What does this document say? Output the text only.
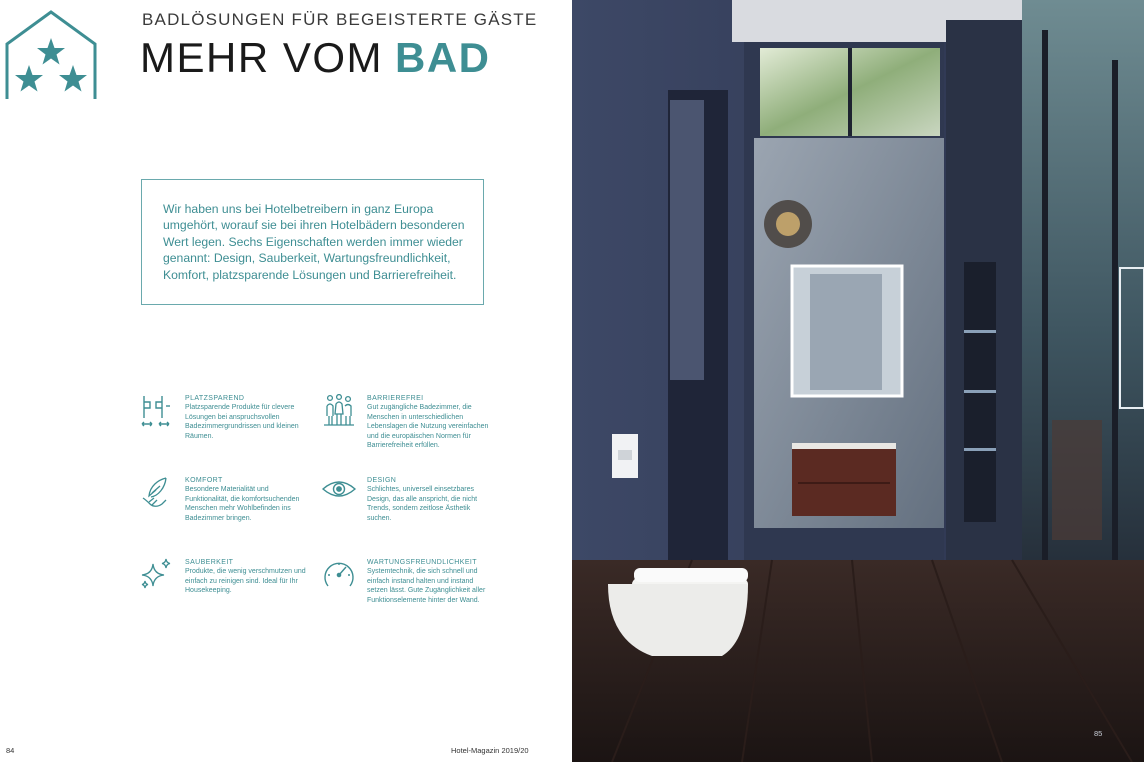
BADLÖSUNGEN FÜR BEGEISTERTE GÄSTE
MEHR VOM BAD

Wir haben uns bei Hotelbetreibern in ganz Europa umgehört, worauf sie bei ihren Hotelbädern besonderen Wert legen. Sechs Eigenschaften werden immer wieder genannt: Design, Sauberkeit, Wartungsfreundlichkeit, Komfort, platzsparende Lösungen und Barrierefreiheit.

PLATZSPAREND
Platzsparende Produkte für clevere Lösungen bei anspruchsvollen Badezimmergrundrissen und kleinen Räumen.
BARRIEREFREI
Gut zugängliche Badezimmer, die Menschen in unterschiedlichen Lebenslagen die Nutzung vereinfachen und die europäischen Normen für Barrierefreiheit erfüllen.
KOMFORT
Besondere Materialität und Funktionalität, die komfortsuchenden Menschen mehr Wohlbefinden ins Badezimmer bringen.
DESIGN
Schlichtes, universell einsetzbares Design, das alle anspricht, die nicht Trends, sondern zeitlose Ästhetik suchen.
SAUBERKEIT
Produkte, die wenig verschmutzen und einfach zu reinigen sind. Ideal für Ihr Housekeeping.
WARTUNGSFREUNDLICHKEIT
Systemtechnik, die sich schnell und einfach instand halten und instand setzen lässt. Gute Zugänglichkeit aller Funktionselemente hinter der Wand.
84	Hotel-Magazin 2019/20
85
